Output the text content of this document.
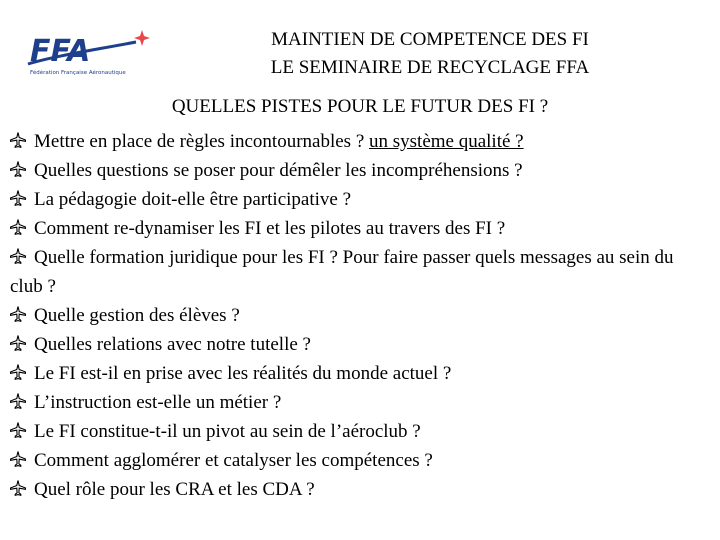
FFA
Fédération Française Aéronautique
MAINTIEN DE COMPETENCE DES FI
LE SEMINAIRE DE RECYCLAGE FFA
QUELLES PISTES POUR LE FUTUR DES FI ?
Mettre en place de règles incontournables ? un système qualité ?
Quelles questions se poser pour démêler les incompréhensions ?
La pédagogie doit-elle être participative ?
Comment re-dynamiser les FI et les pilotes au travers des FI ?
Quelle formation juridique pour les FI ? Pour faire passer quels messages au sein du club ?
Quelle gestion des élèves ?
Quelles relations avec notre tutelle ?
Le FI est-il en prise avec les réalités du monde actuel ?
L’instruction est-elle un métier ?
Le FI constitue-t-il un pivot au sein de l’aéroclub ?
Comment agglomérer et catalyser les compétences ?
Quel rôle pour les CRA et les CDA ?
